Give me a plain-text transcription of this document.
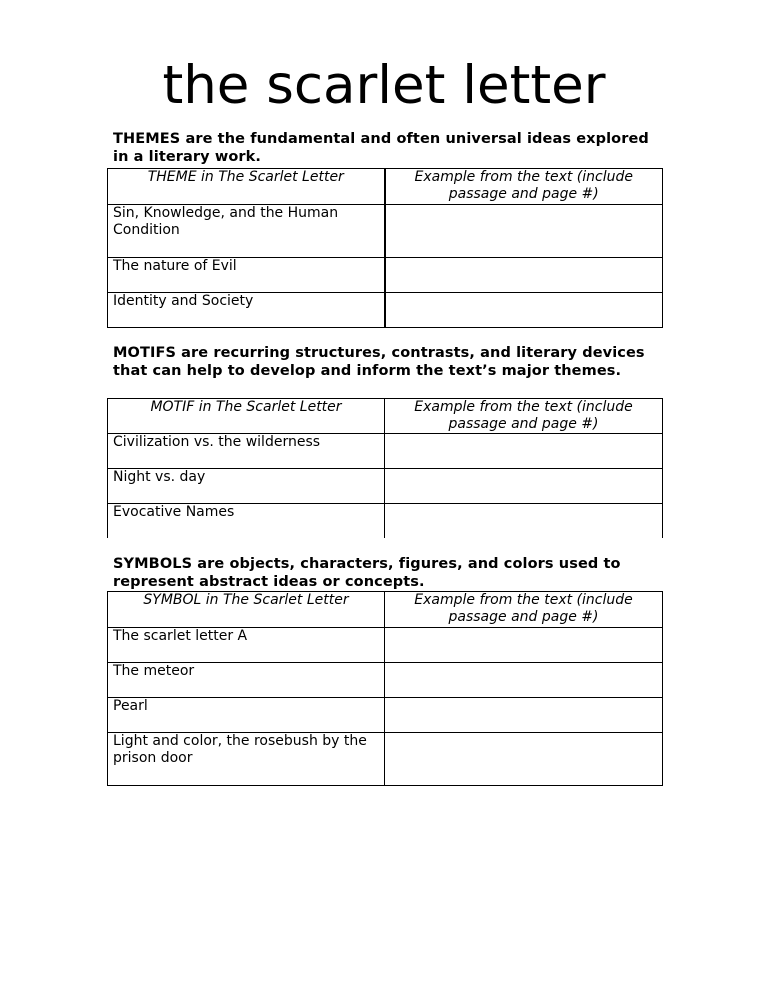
the scarlet letter
THEMES are the fundamental and often universal ideas explored in a literary work.
THEME in The Scarlet Letter	Example from the text (include passage and page #)
Sin, Knowledge, and the Human Condition	
The nature of Evil	
Identity and Society	
MOTIFS are recurring structures, contrasts, and literary devices that can help to develop and inform the text’s major themes.
MOTIF in The Scarlet Letter	Example from the text (include passage and page #)
Civilization vs. the wilderness	
Night vs. day	
Evocative Names	
SYMBOLS are objects, characters, figures, and colors used to represent abstract ideas or concepts.
SYMBOL in The Scarlet Letter	Example from the text (include passage and page #)
The scarlet letter A	
The meteor	
Pearl	
Light and color, the rosebush by the prison door	
